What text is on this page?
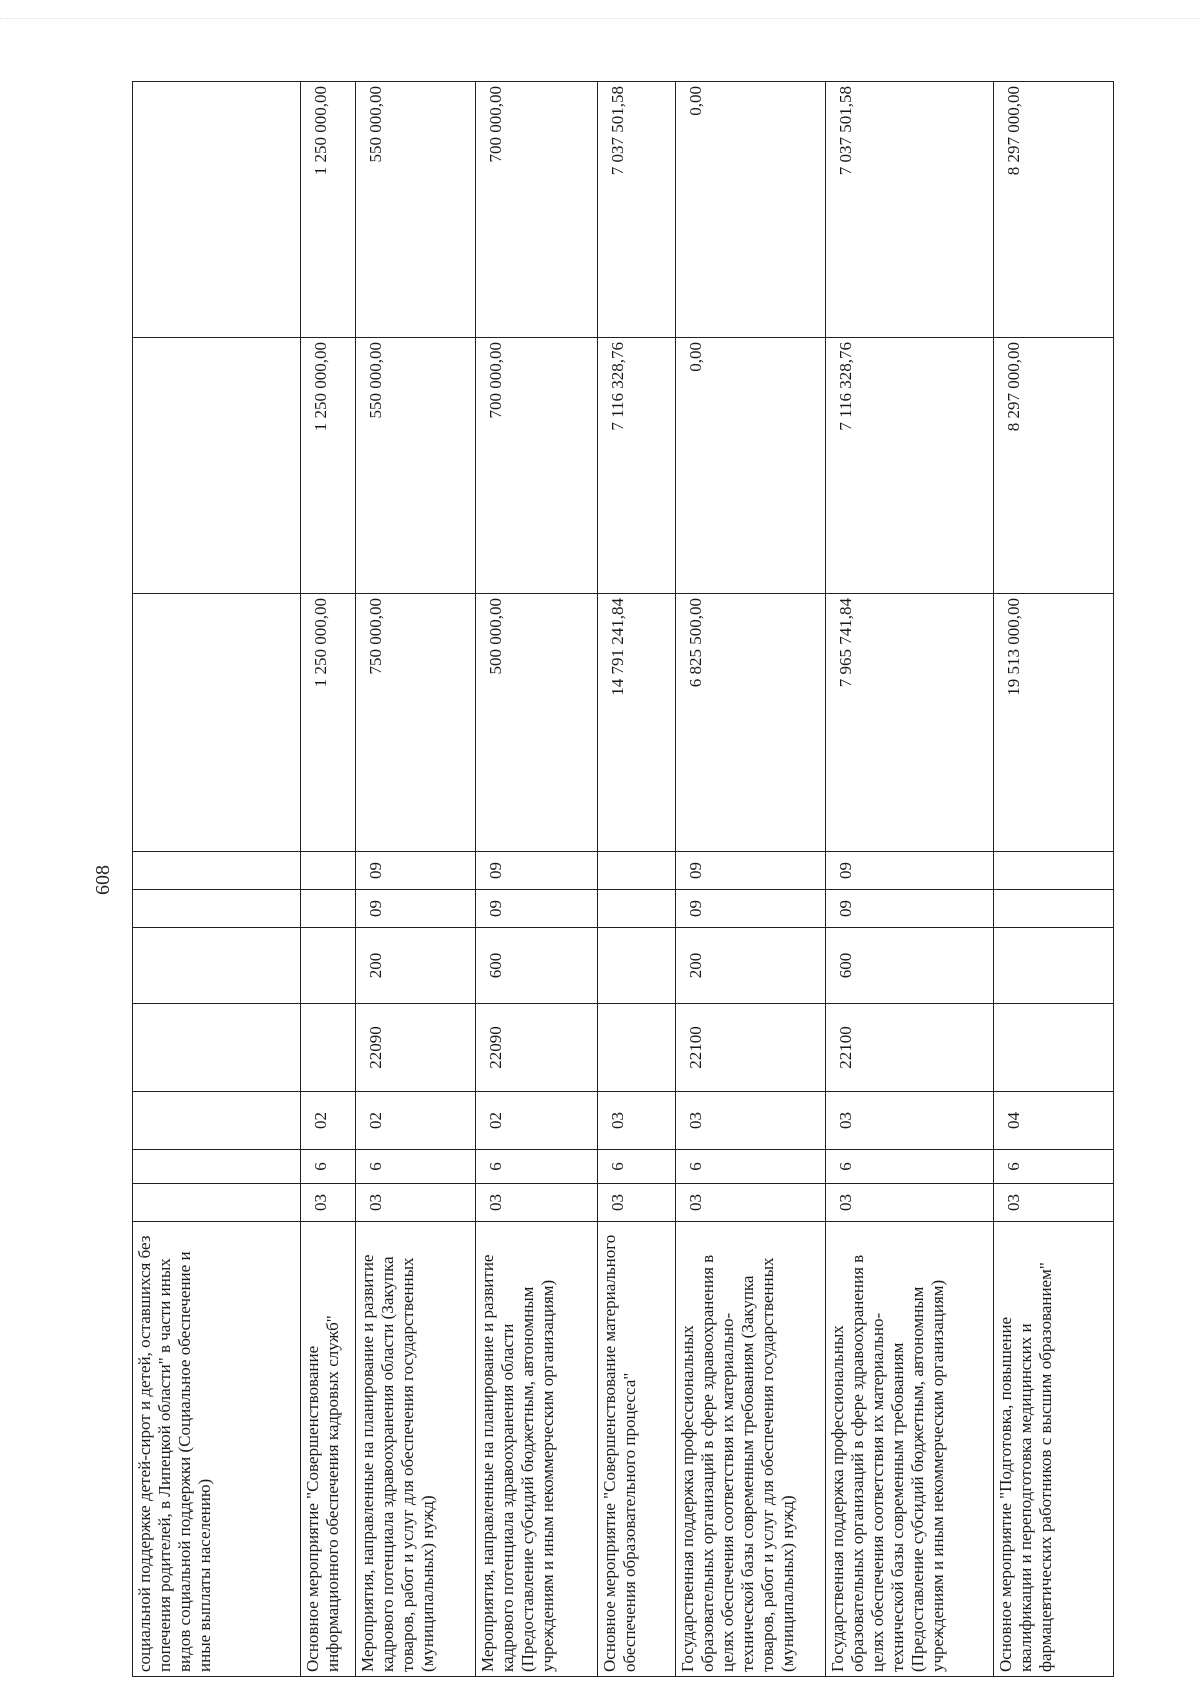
608
социальной поддержке детей-сирот и детей, оставшихся без попечения родителей, в Липецкой области" в части иных видов социальной поддержки (Социальное обеспечение и иные выплаты населению)										
Основное мероприятие "Совершенствование информационного обеспечения кадровых служб"	03	6	02					1 250 000,00	1 250 000,00	1 250 000,00
Мероприятия, направленные на планирование и развитие кадрового потенциала здравоохранения области (Закупка товаров, работ и услуг для обеспечения государственных (муниципальных) нужд)	03	6	02	22090	200	09	09	750 000,00	550 000,00	550 000,00
Мероприятия, направленные на планирование и развитие кадрового потенциала здравоохранения области (Предоставление субсидий бюджетным, автономным учреждениям и иным некоммерческим организациям)	03	6	02	22090	600	09	09	500 000,00	700 000,00	700 000,00
Основное мероприятие "Совершенствование материального обеспечения образовательного процесса"	03	6	03					14 791 241,84	7 116 328,76	7 037 501,58
Государственная поддержка профессиональных образовательных организаций в сфере здравоохранения в целях обеспечения соответствия их материально-технической базы современным требованиям (Закупка товаров, работ и услуг для обеспечения государственных (муниципальных) нужд)	03	6	03	22100	200	09	09	6 825 500,00	0,00	0,00
Государственная поддержка профессиональных образовательных организаций в сфере здравоохранения в целях обеспечения соответствия их материально-технической базы современным требованиям (Предоставление субсидий бюджетным, автономным учреждениям и иным некоммерческим организациям)	03	6	03	22100	600	09	09	7 965 741,84	7 116 328,76	7 037 501,58
Основное мероприятие "Подготовка, повышение квалификации и переподготовка медицинских и фармацевтических работников с высшим образованием"	03	6	04					19 513 000,00	8 297 000,00	8 297 000,00
